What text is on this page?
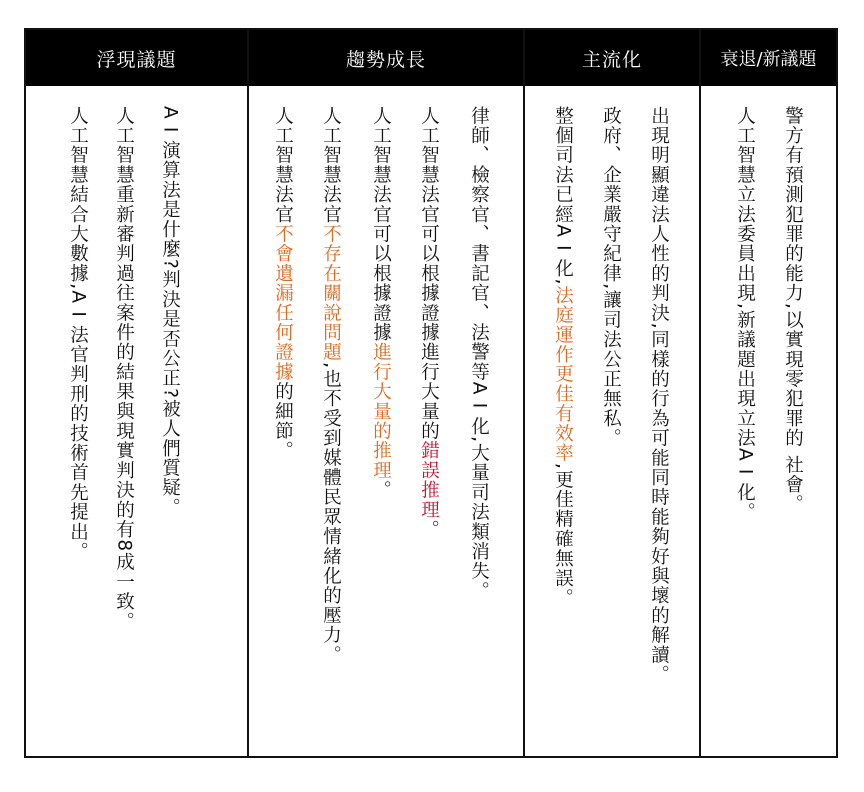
浮現議題
A I 演算法是什麼?判決是否公正?被人們質疑。
人工智慧重新審判過往案件的結果與現實判決的有8成一致。
人工智慧結合大數據,A I 法官判刑的技術首先提出。
趨勢成長
律師、檢察官、書記官、法警等A I 化,大量司法類消失。
人工智慧法官可以根據證據進行大量的錯誤推理。
人工智慧法官可以根據證據進行大量的推理。
人工智慧法官不存在關說問題,也不受到媒體民眾情緒化的壓力。
人工智慧法官不會遺漏任何證據的細節。
主流化
出現明顯違法人性的判決,同樣的行為可能同時能夠好與壞的解讀。
政府、企業嚴守紀律,讓司法公正無私。
整個司法已經A I 化,法庭運作更佳有效率,更佳精確無誤。
衰退/新議題
警方有預測犯罪的能力,以實現零犯罪的 社會。
人工智慧立法委員出現,新議題出現立法A I 化。
